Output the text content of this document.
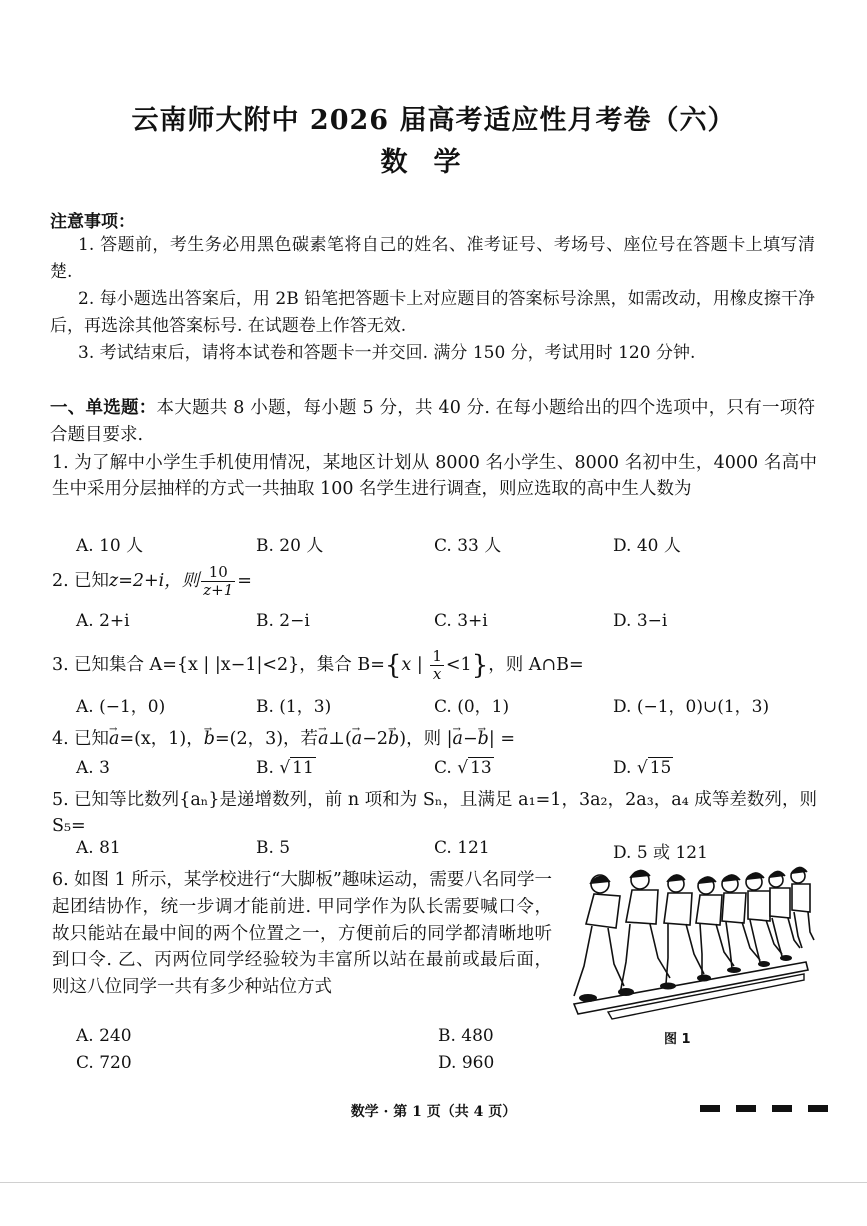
云南师大附中 2026 届高考适应性月考卷（六）
数学
注意事项：
1. 答题前，考生务必用黑色碳素笔将自己的姓名、准考证号、考场号、座位号在答题卡上填写清楚.
2. 每小题选出答案后，用 2B 铅笔把答题卡上对应题目的答案标号涂黑，如需改动，用橡皮擦干净后，再选涂其他答案标号. 在试题卷上作答无效.
3. 考试结束后，请将本试卷和答题卡一并交回. 满分 150 分，考试用时 120 分钟.
一、单选题：本大题共 8 小题，每小题 5 分，共 40 分. 在每小题给出的四个选项中，只有一项符合题目要求.
1. 为了解中小学生手机使用情况，某地区计划从 8000 名小学生、8000 名初中生，4000 名高中生中采用分层抽样的方式一共抽取 100 名学生进行调查，则应选取的高中生人数为
A. 10 人	B. 20 人	C. 33 人	D. 40 人
2. 已知z=2+i，则 $\frac{10}{z+1}$ =
A. 2+i	B. 2−i	C. 3+i	D. 3−i
3. 已知集合 A={x | |x−1|<2}，集合 B={x | $\frac{1}{x} <1$}，则 A∩B=
A. (−1，0)	B. (1，3)	C. (0，1)	D. (−1，0)∪(1，3)
4. 已知→ a=(x，1)，→ b=(2，3)，若→ a⊥(→ a−2→ b)，则 |→ a−→ b| =
A. 3	B. √ 11	C. √ 13	D. √ 15
5. 已知等比数列{aₙ}是递增数列，前 n 项和为 Sₙ，且满足 a₁=1，3a₂，2a₃，a₄ 成等差数列，则 S₅=
A. 81	B. 5	C. 121	D. 5 或 121
6. 如图 1 所示，某学校进行“大脚板”趣味运动，需要八名同学一起团结协作，统一步调才能前进. 甲同学作为队长需要喊口令，故只能站在最中间的两个位置之一，方便前后的同学都清晰地听到口令. 乙、丙两位同学经验较为丰富所以站在最前或最后面，则这八位同学一共有多少种站位方式
A. 240	B. 480
C. 720	D. 960
图 1
数学 · 第 1 页（共 4 页）
